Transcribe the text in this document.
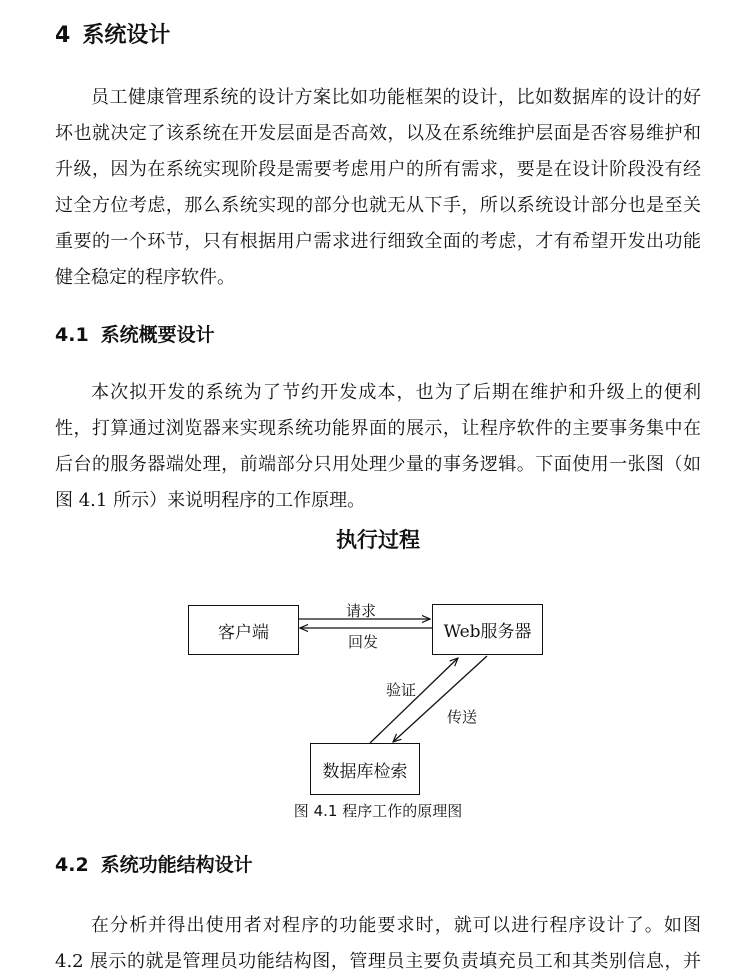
4 系统设计
员工健康管理系统的设计方案比如功能框架的设计，比如数据库的设计的好
坏也就决定了该系统在开发层面是否高效，以及在系统维护层面是否容易维护和
升级，因为在系统实现阶段是需要考虑用户的所有需求，要是在设计阶段没有经
过全方位考虑，那么系统实现的部分也就无从下手，所以系统设计部分也是至关
重要的一个环节，只有根据用户需求进行细致全面的考虑，才有希望开发出功能
健全稳定的程序软件。
4.1 系统概要设计
本次拟开发的系统为了节约开发成本，也为了后期在维护和升级上的便利
性，打算通过浏览器来实现系统功能界面的展示，让程序软件的主要事务集中在
后台的服务器端处理，前端部分只用处理少量的事务逻辑。下面使用一张图（如
图 4.1 所示）来说明程序的工作原理。

执行过程

客户端	Web服务器
数据库检索
请求
回发
验证
传送

图 4.1 程序工作的原理图

4.2 系统功能结构设计
在分析并得出使用者对程序的功能要求时，就可以进行程序设计了。如图
4.2 展示的就是管理员功能结构图，管理员主要负责填充员工和其类别信息，并
